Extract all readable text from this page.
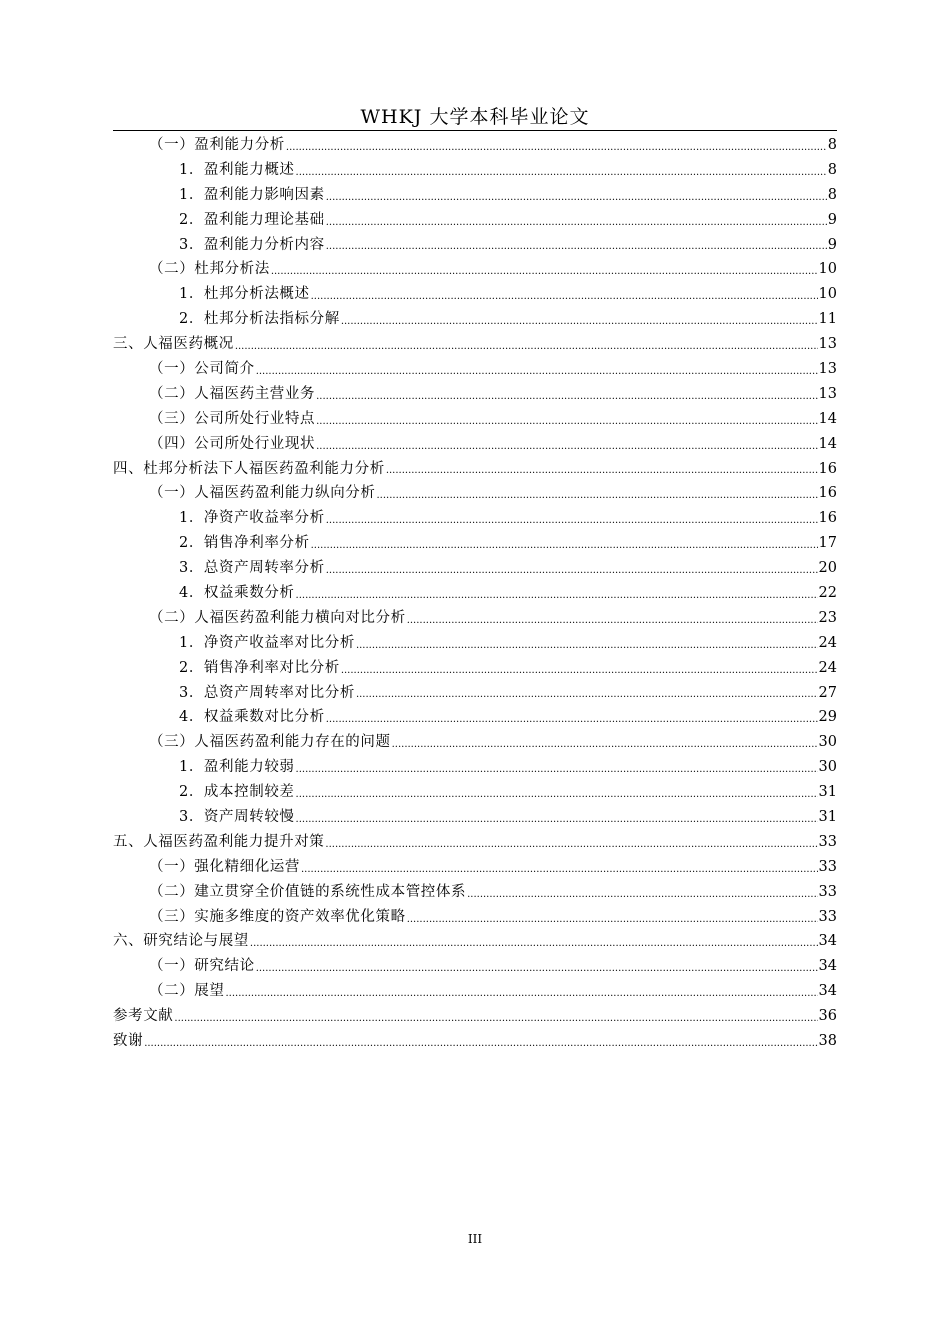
WHKJ 大学本科毕业论文
（一）盈利能力分析 .....	8
1．盈利能力概述 .....	8
1．盈利能力影响因素 .....	8
2．盈利能力理论基础 .....	9
3．盈利能力分析内容 .....	9
（二）杜邦分析法 .....	10
1．杜邦分析法概述 .....	10
2．杜邦分析法指标分解 .....	11
三、人福医药概况 .....	13
（一）公司简介 .....	13
（二）人福医药主营业务 .....	13
（三）公司所处行业特点 .....	14
（四）公司所处行业现状 .....	14
四、杜邦分析法下人福医药盈利能力分析 .....	16
（一）人福医药盈利能力纵向分析 .....	16
1．净资产收益率分析 .....	16
2．销售净利率分析 .....	17
3．总资产周转率分析 .....	20
4．权益乘数分析 .....	22
（二）人福医药盈利能力横向对比分析 .....	23
1．净资产收益率对比分析 .....	24
2．销售净利率对比分析 .....	24
3．总资产周转率对比分析 .....	27
4．权益乘数对比分析 .....	29
（三）人福医药盈利能力存在的问题 .....	30
1．盈利能力较弱 .....	30
2．成本控制较差 .....	31
3．资产周转较慢 .....	31
五、人福医药盈利能力提升对策 .....	33
（一）强化精细化运营 .....	33
（二）建立贯穿全价值链的系统性成本管控体系 .....	33
（三）实施多维度的资产效率优化策略 .....	33
六、研究结论与展望 .....	34
（一）研究结论 .....	34
（二）展望 .....	34
参考文献 .....	36
致谢 .....	38
III
